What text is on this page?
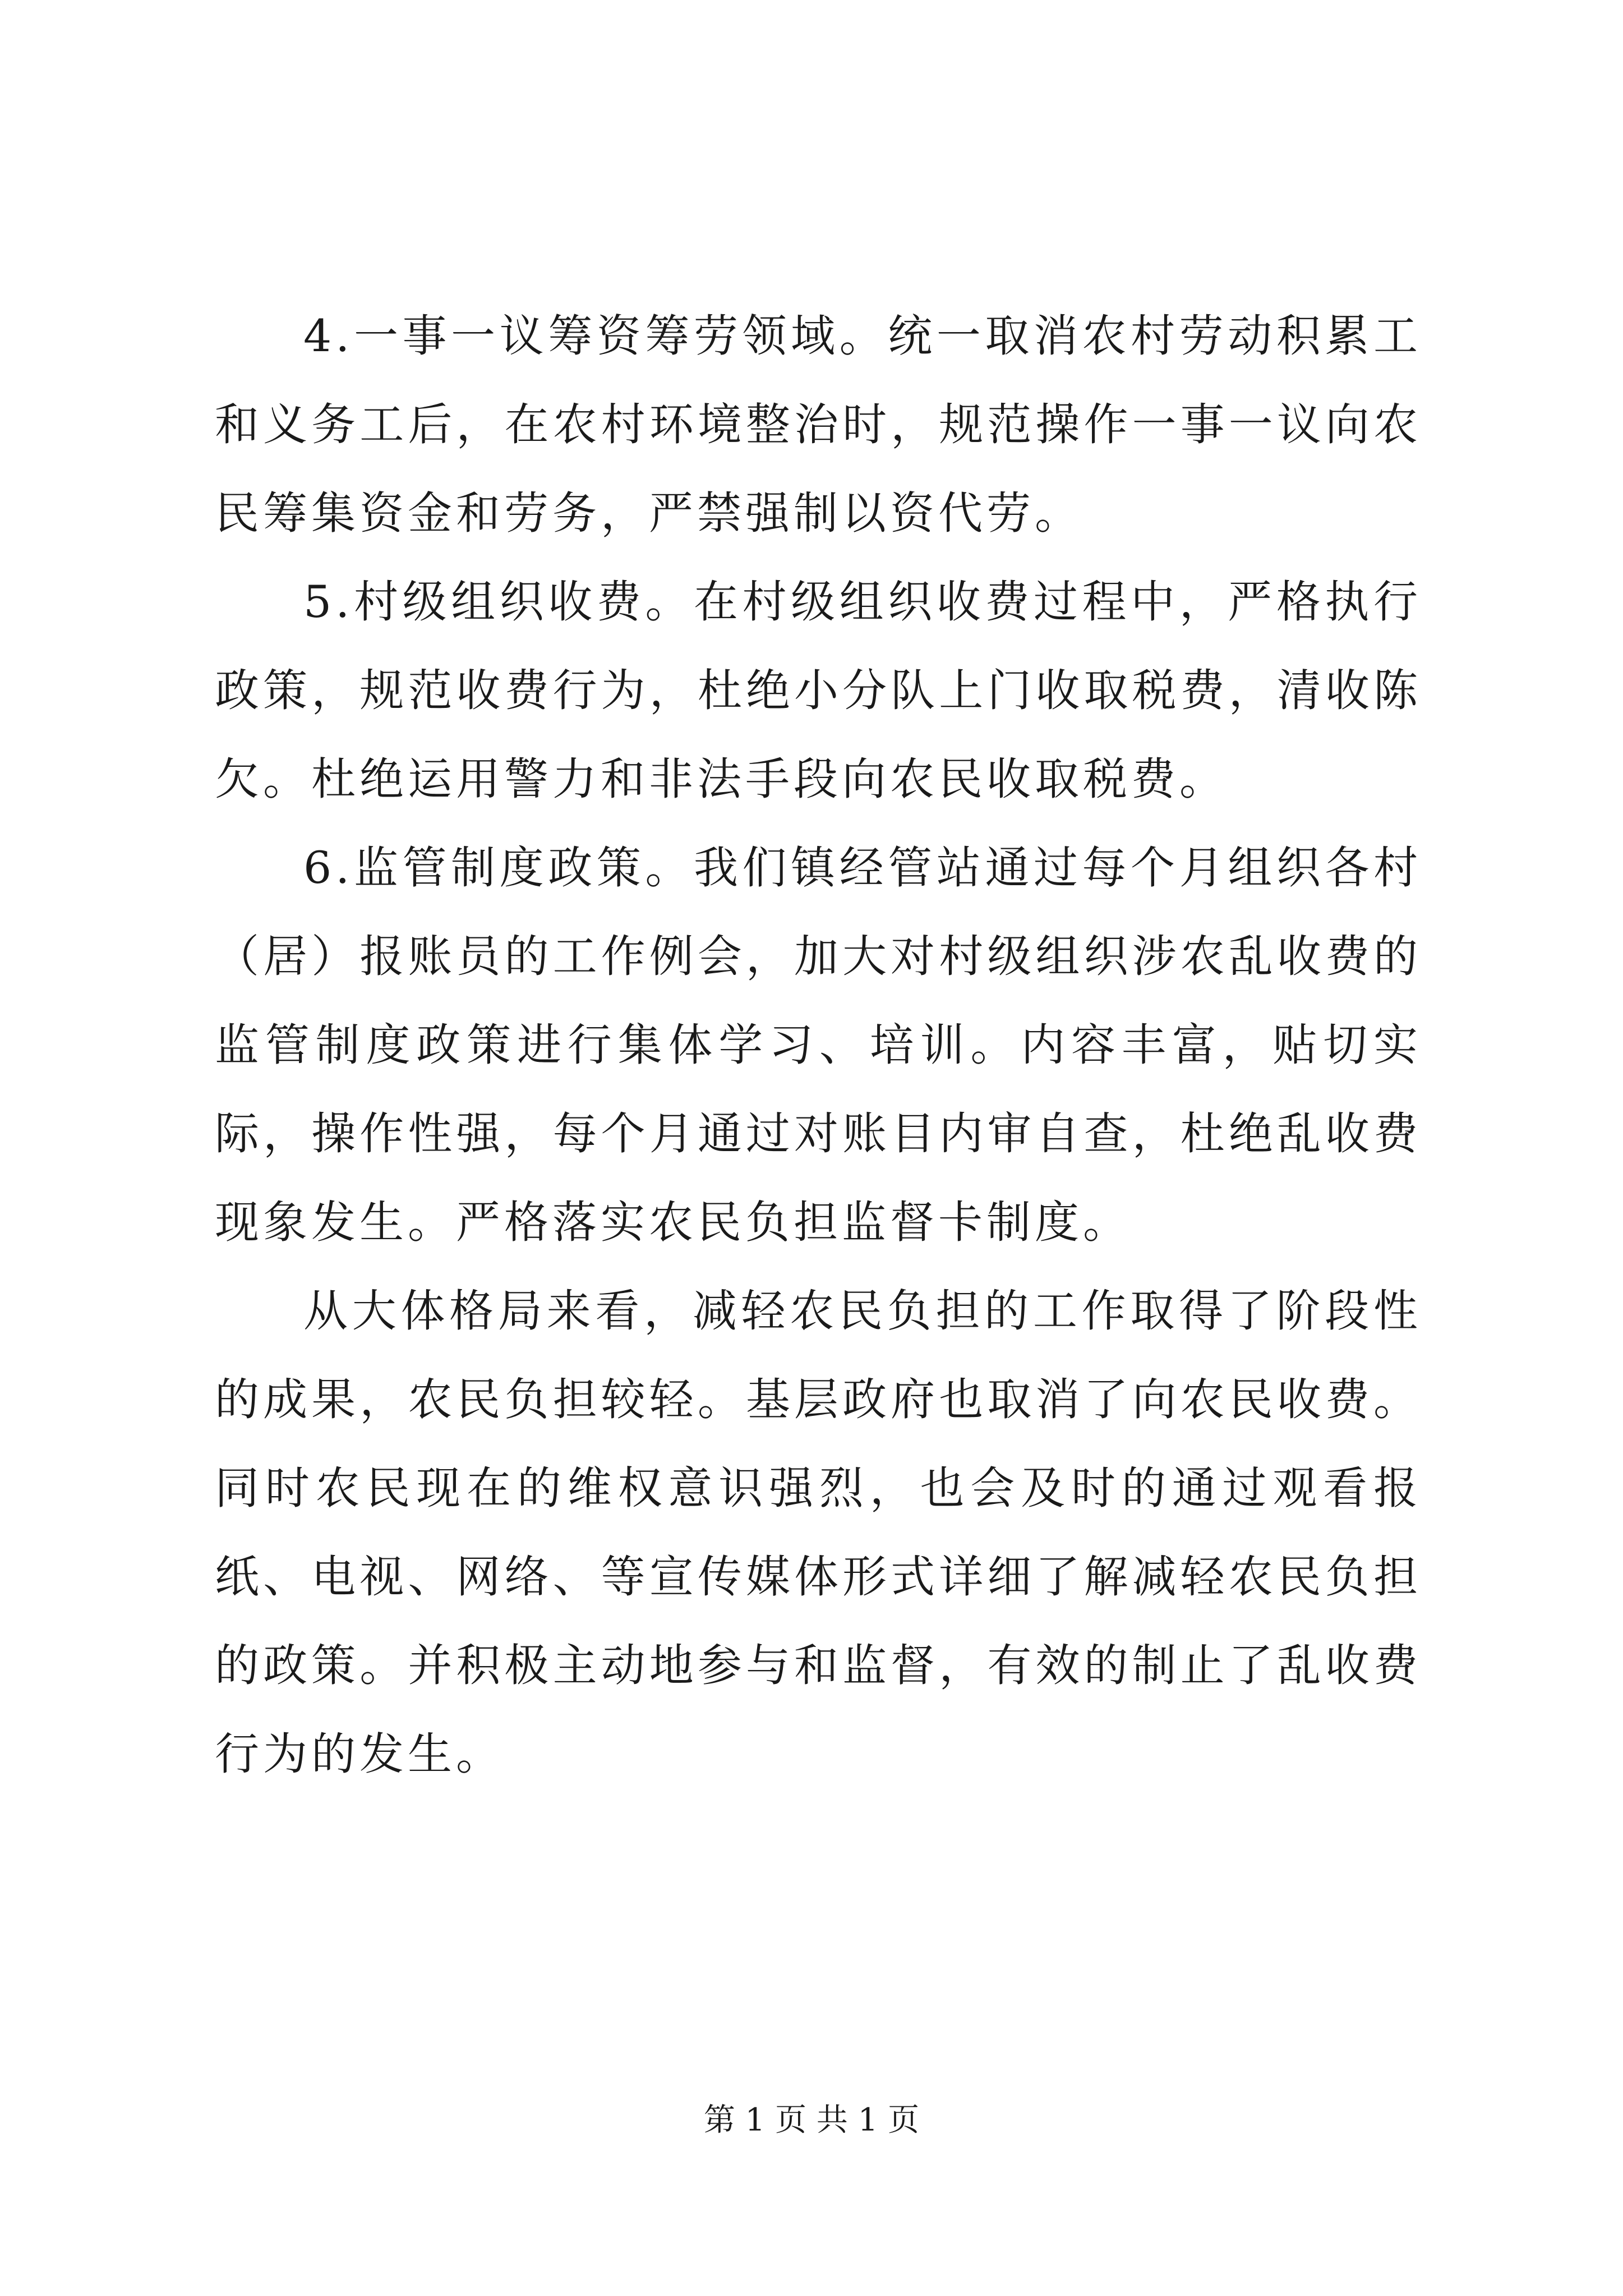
4.一事一议筹资筹劳领域。统一取消农村劳动积累工和义务工后，在农村环境整治时，规范操作一事一议向农民筹集资金和劳务，严禁强制以资代劳。

5.村级组织收费。在村级组织收费过程中，严格执行政策，规范收费行为，杜绝小分队上门收取税费，清收陈欠。杜绝运用警力和非法手段向农民收取税费。

6.监管制度政策。我们镇经管站通过每个月组织各村（居）报账员的工作例会，加大对村级组织涉农乱收费的监管制度政策进行集体学习、培训。内容丰富，贴切实际，操作性强，每个月通过对账目内审自查，杜绝乱收费现象发生。严格落实农民负担监督卡制度。

从大体格局来看，减轻农民负担的工作取得了阶段性的成果，农民负担较轻。基层政府也取消了向农民收费。同时农民现在的维权意识强烈，也会及时的通过观看报纸、电视、网络、等宣传媒体形式详细了解减轻农民负担的政策。并积极主动地参与和监督，有效的制止了乱收费行为的发生。

第 1 页 共 1 页
